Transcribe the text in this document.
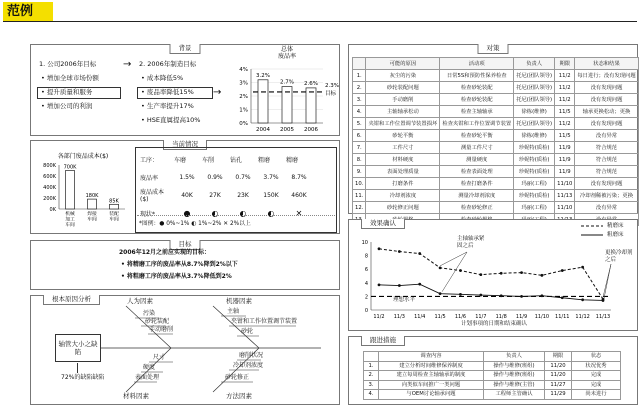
范例
背景
1. 公司2006年目标
• 增加全球市场份额
• 提升质量和服务
• 增加公司的利润
→ 2. 2006年制造目标
• 成本降低5%
• 废品率降低15%
• 生产率提升17%
• HSE直属提高10%
→
总体
废品率
4%
3%
2%
1%
0%
3.2%
2004
2.7%
2005
2.6%
2006
2.3%
目标
当前情况
各部门废品成本($)
800K
600K
400K
200K
0K
700K
机械加工车间
180K
焊接车间
85K
装配车间
工序：	车磨	车削	钻孔	粗磨	精磨
废品率	1.5%	0.9%	0.7%	3.7%	8.7%
废品成本($)	40K	27K	23K	150K	460K
现状*	●	◐	◐	◐	✕
*图例：● 0%~1% ◐ 1%~2% ✕ 2%以上
目标
2006年12月之前应实现的目标：
• 将精磨工序的废品率从8.7%降到2%以下
• 将粗磨工序的废品率从3.7%降低到2%
根本原因分析
轴管大小之缺陷
72%的缺陷缺陷
人为因素	机器因素
材料因素	方法因素
污染
砂轮装配
手动磨削
主轴
夹钳和工作位置调节装置
砂轮
尺寸
硬度
表面处理
磨削状况
冷却剂浓度
砂轮修正
对策
	可能的原因	活动项	负责人	期限	状态和结果
1.	灰尘的污染	日常5S和预防性保养检查	托尼(团队领导)	11/2	每日进行；没有发现问题
2.	砂轮装配问题	检查砂轮装配	托尼(团队领导)	11/2	没有发现问题
3.	手动磨削	检查砂轮装配	托尼(团队领导)	11/2	没有发现问题
4.	主轴轴承松动	检查主轴轴承	徐栋(维修)	11/5	轴承更换松动；更换
5.	夹钳和工作位置调节装置损坏	检查夹钳和工作位置调节装置	托尼(团队领导)	11/2	没有发现问题
6.	砂轮平衡	检查砂轮平衡	徐栋(维修)	11/5	没有异常
7.	工件尺寸	测量工件尺寸	珍妮特(质检)	11/9	符合规范
8.	材料硬度	测量硬度	珍妮特(质检)	11/9	符合规范
9.	表面处理质量	检查表面处理	珍妮特(质检)	11/9	符合规范
10.	打磨条件	检查打磨条件	玛丽(工程)	11/10	没有发现问题
11.	冷却剂浓度	测量冷却剂浓度	珍妮特(质检)	11/13	冷却剂稀被污染；更换
12.	砂轮修正问题	检查砂轮修正	玛丽(工程)	11/10	没有异常

效果确认
10
8
6
4
2
0
11/2 11/3 11/4 11/5 11/6 11/7 11/8 11/9 11/10 11/11 11/12 11/13
精磨床
粗磨床
主轴轴承紧固之后
更换冷却剂之后
理想水平
计划事项的日期和结束确认
跟进措施
	调查内容	负责人	期限	状态
1.	建立分析时间维修保养制度	操作与维修(班组)	11/20	状况优秀
2.	建立每周检查主轴轴承的制度	操作与维修(班组)	11/20	完成
3.	向类似车间推广一类问题	操作与维修(主管)	11/27	完成
4.	与OEM讨论轴承问题	工程师主管确认	11/29	尚未进行
